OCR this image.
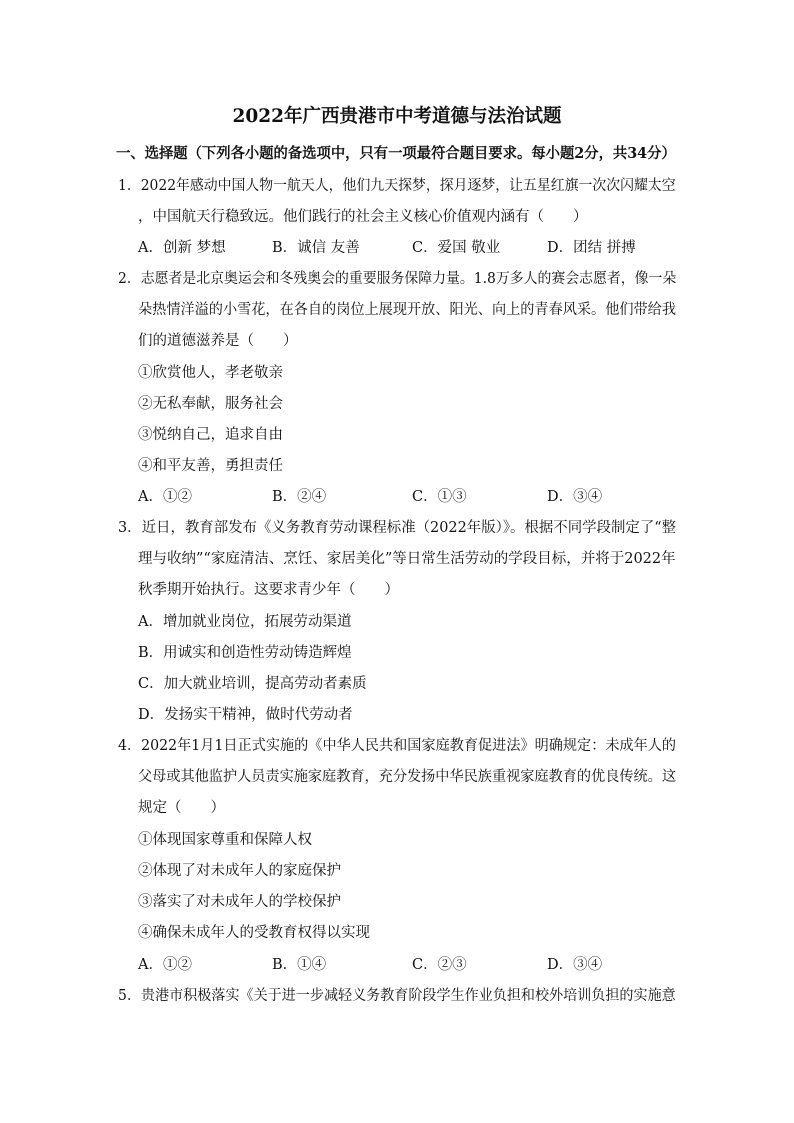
2022年广西贵港市中考道德与法治试题
一、选择题（下列各小题的备选项中，只有一项最符合题目要求。每小题2分，共34分）
1．2022年感动中国人物一航天人，他们九天探梦，探月逐梦，让五星红旗一次次闪耀太空
，中国航天行稳致远。他们践行的社会主义核心价值观内涵有（　　）
A．创新 梦想	B．诚信 友善	C．爱国 敬业	D．团结 拼搏
2．志愿者是北京奥运会和冬残奥会的重要服务保障力量。1.8万多人的赛会志愿者，像一朵
朵热情洋溢的小雪花，在各自的岗位上展现开放、阳光、向上的青春风采。他们带给我
们的道德滋养是（　　）
①欣赏他人，孝老敬亲
②无私奉献，服务社会
③悦纳自己，追求自由
④和平友善，勇担责任
A．①②	B．②④	C．①③	D．③④
3．近日，教育部发布《义务教育劳动课程标准（2022年版）》。根据不同学段制定了“整
理与收纳”“家庭清洁、烹饪、家居美化”等日常生活劳动的学段目标，并将于2022年
秋季期开始执行。这要求青少年（　　）
A．增加就业岗位，拓展劳动渠道
B．用诚实和创造性劳动铸造辉煌
C．加大就业培训，提高劳动者素质
D．发扬实干精神，做时代劳动者
4．2022年1月1日正式实施的《中华人民共和国家庭教育促进法》明确规定：未成年人的
父母或其他监护人员责实施家庭教育，充分发扬中华民族重视家庭教育的优良传统。这
规定（　　）
①体现国家尊重和保障人权
②体现了对未成年人的家庭保护
③落实了对未成年人的学校保护
④确保未成年人的受教育权得以实现
A．①②	B．①④	C．②③	D．③④
5．贵港市积极落实《关于进一步减轻义务教育阶段学生作业负担和校外培训负担的实施意
